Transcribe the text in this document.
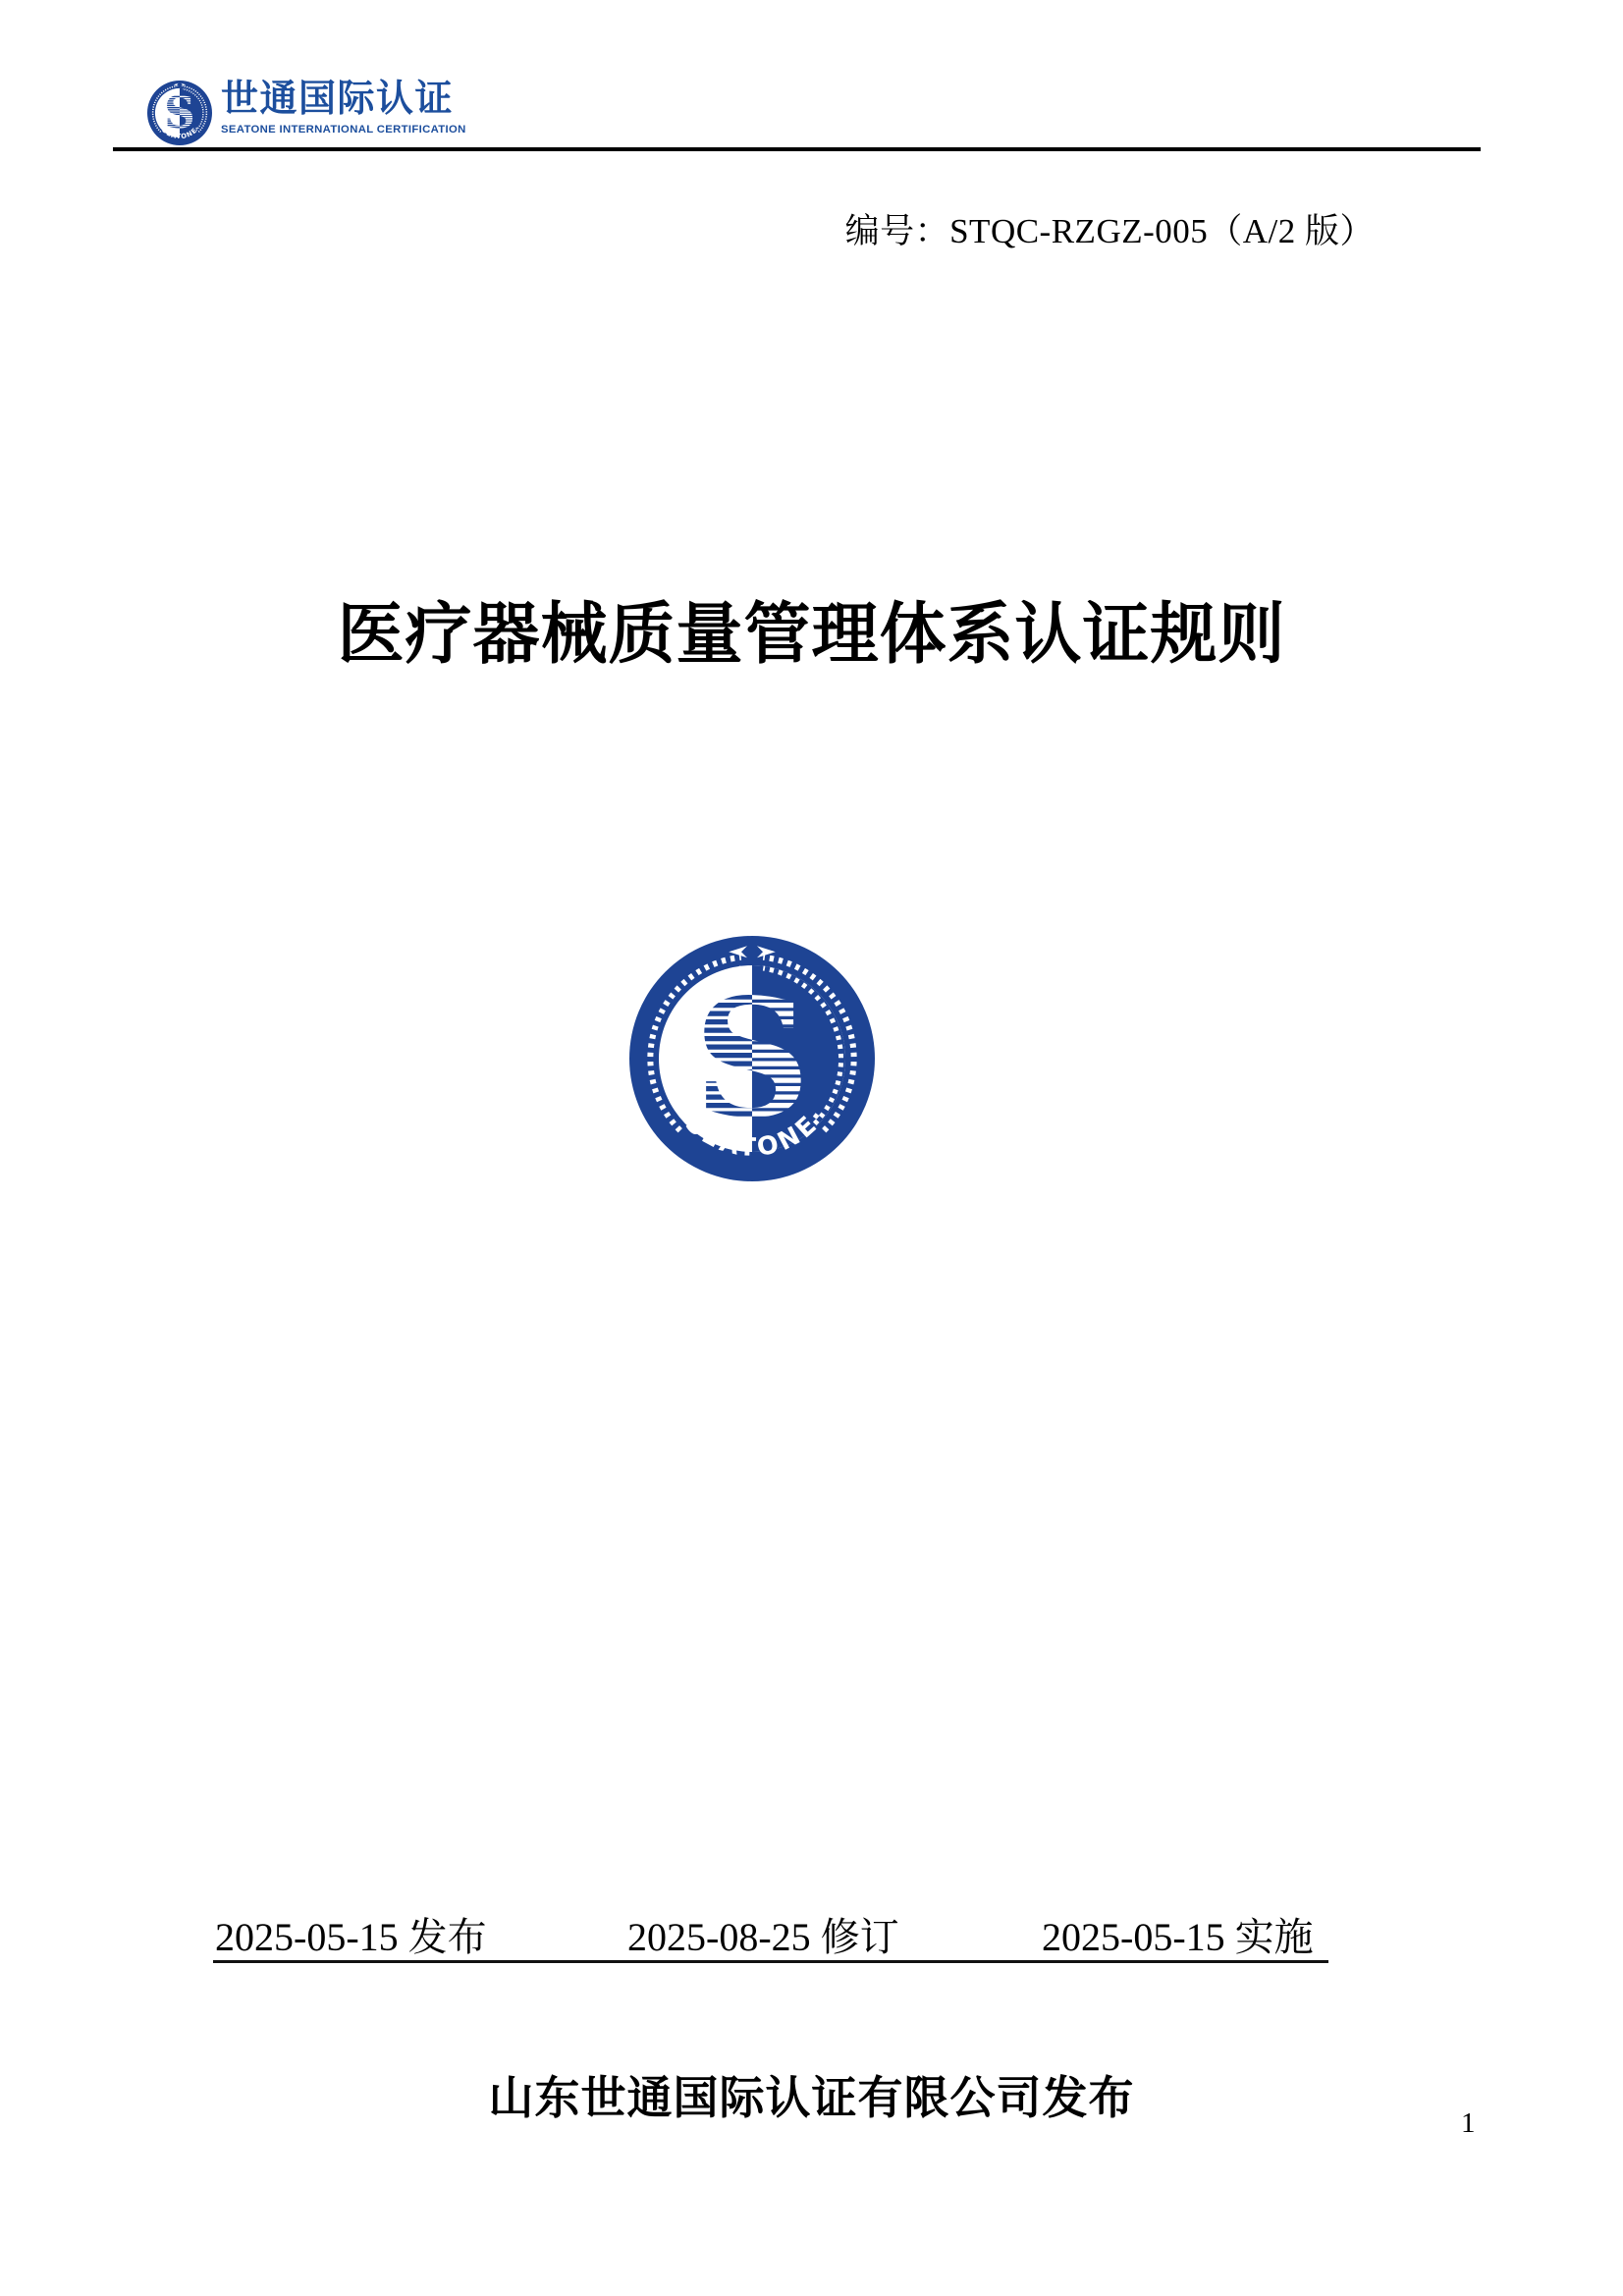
世通国际认证
SEATONE INTERNATIONAL CERTIFICATION
编号：STQC-RZGZ-005（A/2 版）
医疗器械质量管理体系认证规则
2025-05-15 发布	2025-08-25 修订	2025-05-15 实施
山东世通国际认证有限公司发布	1
